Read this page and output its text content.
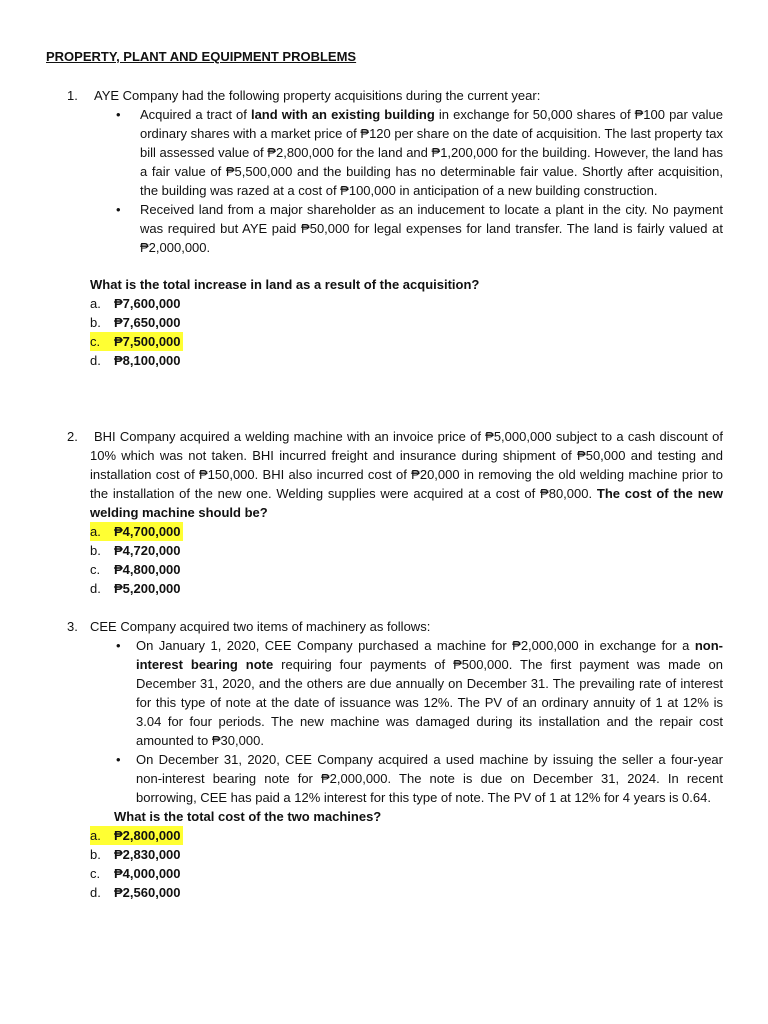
PROPERTY, PLANT AND EQUIPMENT PROBLEMS
1.	AYE Company had the following property acquisitions during the current year:
• Acquired a tract of land with an existing building in exchange for 50,000 shares of ₱100 par value ordinary shares with a market price of ₱120 per share on the date of acquisition. The last property tax bill assessed value of ₱2,800,000 for the land and ₱1,200,000 for the building. However, the land has a fair value of ₱5,500,000 and the building has no determinable fair value. Shortly after acquisition, the building was razed at a cost of ₱100,000 in anticipation of a new building construction.
• Received land from a major shareholder as an inducement to locate a plant in the city. No payment was required but AYE paid ₱50,000 for legal expenses for land transfer. The land is fairly valued at ₱2,000,000.
What is the total increase in land as a result of the acquisition?
a. ₱7,600,000
b. ₱7,650,000
c. ₱7,500,000
d. ₱8,100,000
2.	BHI Company acquired a welding machine with an invoice price of ₱5,000,000 subject to a cash discount of 10% which was not taken. BHI incurred freight and insurance during shipment of ₱50,000 and testing and installation cost of ₱150,000. BHI also incurred cost of ₱20,000 in removing the old welding machine prior to the installation of the new one. Welding supplies were acquired at a cost of ₱80,000. The cost of the new welding machine should be?
a. ₱4,700,000
b. ₱4,720,000
c. ₱4,800,000
d. ₱5,200,000
3. CEE Company acquired two items of machinery as follows:
• On January 1, 2020, CEE Company purchased a machine for ₱2,000,000 in exchange for a non-interest bearing note requiring four payments of ₱500,000. The first payment was made on December 31, 2020, and the others are due annually on December 31. The prevailing rate of interest for this type of note at the date of issuance was 12%. The PV of an ordinary annuity of 1 at 12% is 3.04 for four periods. The new machine was damaged during its installation and the repair cost amounted to ₱30,000.
• On December 31, 2020, CEE Company acquired a used machine by issuing the seller a four-year non-interest bearing note for ₱2,000,000. The note is due on December 31, 2024. In recent borrowing, CEE has paid a 12% interest for this type of note. The PV of 1 at 12% for 4 years is 0.64.
What is the total cost of the two machines?
a. ₱2,800,000
b. ₱2,830,000
c. ₱4,000,000
d. ₱2,560,000
